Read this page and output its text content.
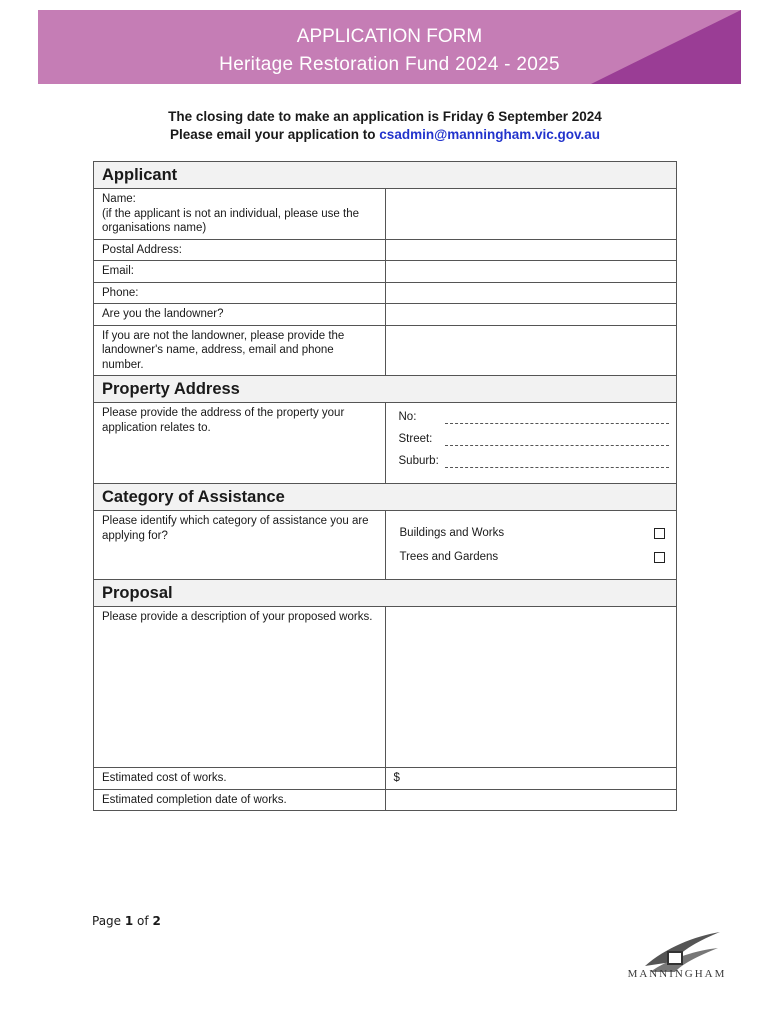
APPLICATION FORM
Heritage Restoration Fund 2024 - 2025
The closing date to make an application is Friday 6 September 2024
Please email your application to csadmin@manningham.vic.gov.au
Applicant	

Name:
(if the applicant is not an individual, please use the organisations name)	

Postal Address:	
Email:	
Phone:	
Are you the landowner?	
If you are not the landowner, please provide the landowner's name, address, email and phone number.	
Property Address	
Please provide the address of the property your application relates to.	No:
Street:
Suburb:

Category of Assistance	
Please identify which category of assistance you are applying for?	Buildings and Works
Trees and Gardens

Proposal	
Please provide a description of your proposed works.	
Estimated cost of works.	$
Estimated completion date of works.	
Page 1 of 2
MANNINGHAM
